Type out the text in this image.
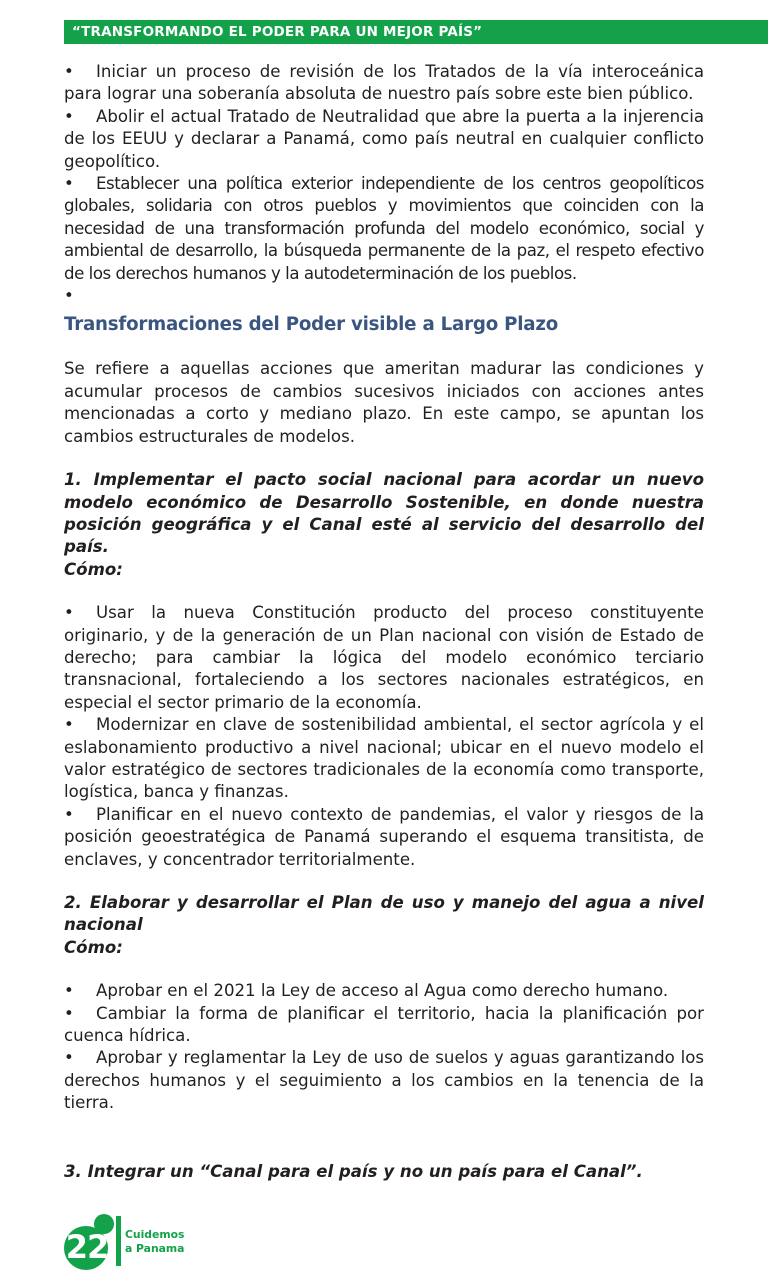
“TRANSFORMANDO EL PODER PARA UN MEJOR PAÍS”

• Iniciar un proceso de revisión de los Tratados de la vía interoceánica para lograr una soberanía absoluta de nuestro país sobre este bien público.

• Abolir el actual Tratado de Neutralidad que abre la puerta a la injerencia de los EEUU y declarar a Panamá, como país neutral en cualquier conflicto geopolítico.

• Establecer una política exterior independiente de los centros geopolíticos globales, solidaria con otros pueblos y movimientos que coinciden con la necesidad de una transformación profunda del modelo económico, social y ambiental de desarrollo, la búsqueda permanente de la paz, el respeto efectivo de los derechos humanos y la autodeterminación de los pueblos.

•

Transformaciones del Poder visible a Largo Plazo

Se refiere a aquellas acciones que ameritan madurar las condiciones y acumular procesos de cambios sucesivos iniciados con acciones antes mencionadas a corto y mediano plazo. En este campo, se apuntan los cambios estructurales de modelos.

1. Implementar el pacto social nacional para acordar un nuevo modelo económico de Desarrollo Sostenible, en donde nuestra posición geográfica y el Canal esté al servicio del desarrollo del país.

Cómo:

• Usar la nueva Constitución producto del proceso constituyente originario, y de la generación de un Plan nacional con visión de Estado de derecho; para cambiar la lógica del modelo económico terciario transnacional, fortaleciendo a los sectores nacionales estratégicos, en especial el sector primario de la economía.

• Modernizar en clave de sostenibilidad ambiental, el sector agrícola y el eslabonamiento productivo a nivel nacional; ubicar en el nuevo modelo el valor estratégico de sectores tradicionales de la economía como transporte, logística, banca y finanzas.

• Planificar en el nuevo contexto de pandemias, el valor y riesgos de la posición geoestratégica de Panamá superando el esquema transitista, de enclaves, y concentrador territorialmente.

2. Elaborar y desarrollar el Plan de uso y manejo del agua a nivel nacional

Cómo:

• Aprobar en el 2021 la Ley de acceso al Agua como derecho humano.

• Cambiar la forma de planificar el territorio, hacia la planificación por cuenca hídrica.

• Aprobar y reglamentar la Ley de uso de suelos y aguas garantizando los derechos humanos y el seguimiento a los cambios en la tenencia de la tierra.

3. Integrar un “Canal para el país y no un país para el Canal”.

22 Cuidemos
a Panama
